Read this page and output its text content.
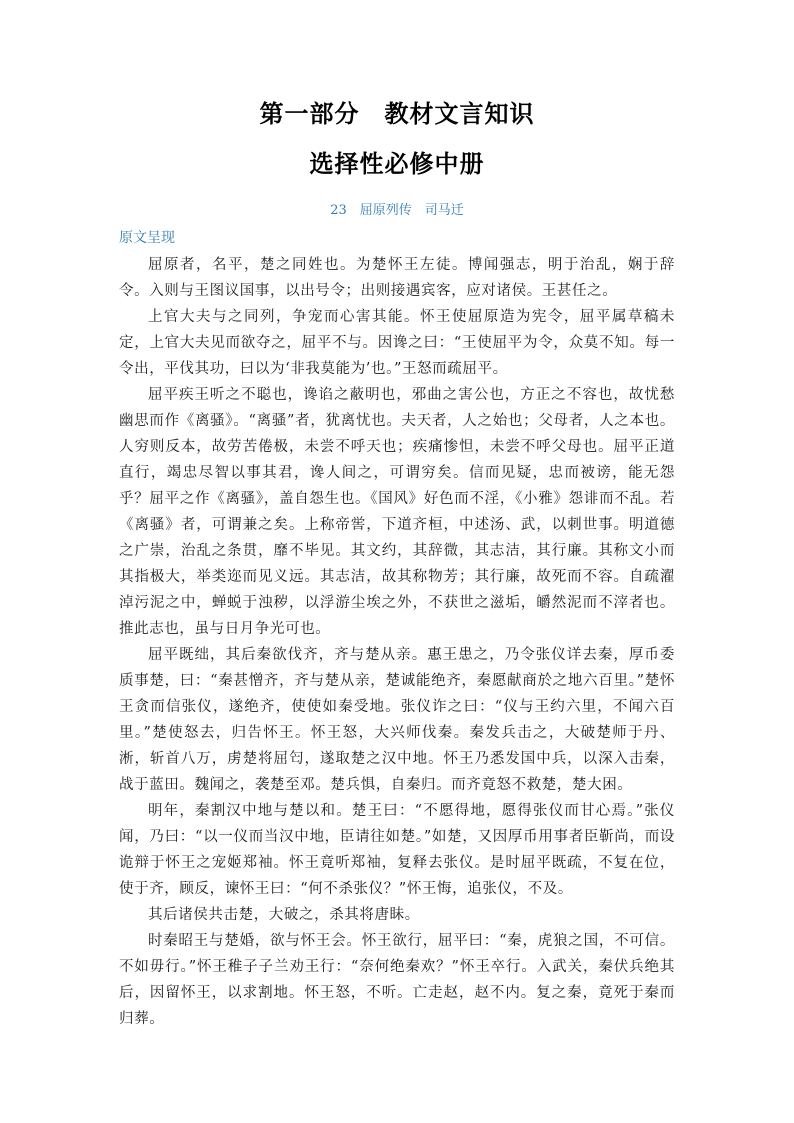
第一部分　教材文言知识
选择性必修中册
23　屈原列传　司马迁
原文呈现

屈原者，名平，楚之同姓也。为楚怀王左徒。博闻强志，明于治乱，娴于辞令。入则与王图议国事，以出号令；出则接遇宾客，应对诸侯。王甚任之。

上官大夫与之同列，争宠而心害其能。怀王使屈原造为宪令，屈平属草稿未定，上官大夫见而欲夺之，屈平不与。因谗之曰：“王使屈平为令，众莫不知。每一令出，平伐其功，曰以为‘非我莫能为’也。”王怒而疏屈平。

屈平疾王听之不聪也，谗谄之蔽明也，邪曲之害公也，方正之不容也，故忧愁幽思而作《离骚》。“离骚”者，犹离忧也。夫天者，人之始也；父母者，人之本也。人穷则反本，故劳苦倦极，未尝不呼天也；疾痛惨怛，未尝不呼父母也。屈平正道直行，竭忠尽智以事其君，谗人间之，可谓穷矣。信而见疑，忠而被谤，能无怨乎？屈平之作《离骚》，盖自怨生也。《国风》好色而不淫，《小雅》怨诽而不乱。若《离骚》者，可谓兼之矣。上称帝喾，下道齐桓，中述汤、武，以刺世事。明道德之广崇，治乱之条贯，靡不毕见。其文约，其辞微，其志洁，其行廉。其称文小而其指极大，举类迩而见义远。其志洁，故其称物芳；其行廉，故死而不容。自疏濯淖污泥之中，蝉蜕于浊秽，以浮游尘埃之外，不获世之滋垢，皭然泥而不滓者也。推此志也，虽与日月争光可也。

屈平既绌，其后秦欲伐齐，齐与楚从亲。惠王患之，乃令张仪详去秦，厚币委质事楚，曰：“秦甚憎齐，齐与楚从亲，楚诚能绝齐，秦愿献商於之地六百里。”楚怀王贪而信张仪，遂绝齐，使使如秦受地。张仪诈之曰：“仪与王约六里，不闻六百里。”楚使怒去，归告怀王。怀王怒，大兴师伐秦。秦发兵击之，大破楚师于丹、淅，斩首八万，虏楚将屈匄，遂取楚之汉中地。怀王乃悉发国中兵，以深入击秦，战于蓝田。魏闻之，袭楚至邓。楚兵惧，自秦归。而齐竟怒不救楚，楚大困。

明年，秦割汉中地与楚以和。楚王曰：“不愿得地，愿得张仪而甘心焉。”张仪闻，乃曰：“以一仪而当汉中地，臣请往如楚。”如楚，又因厚币用事者臣靳尚，而设诡辩于怀王之宠姬郑袖。怀王竟听郑袖，复释去张仪。是时屈平既疏，不复在位，使于齐，顾反，谏怀王曰：“何不杀张仪？”怀王悔，追张仪，不及。

其后诸侯共击楚，大破之，杀其将唐眛。

时秦昭王与楚婚，欲与怀王会。怀王欲行，屈平曰：“秦，虎狼之国，不可信。不如毋行。”怀王稚子子兰劝王行：“奈何绝秦欢？”怀王卒行。入武关，秦伏兵绝其后，因留怀王，以求割地。怀王怒，不听。亡走赵，赵不内。复之秦，竟死于秦而归葬。
